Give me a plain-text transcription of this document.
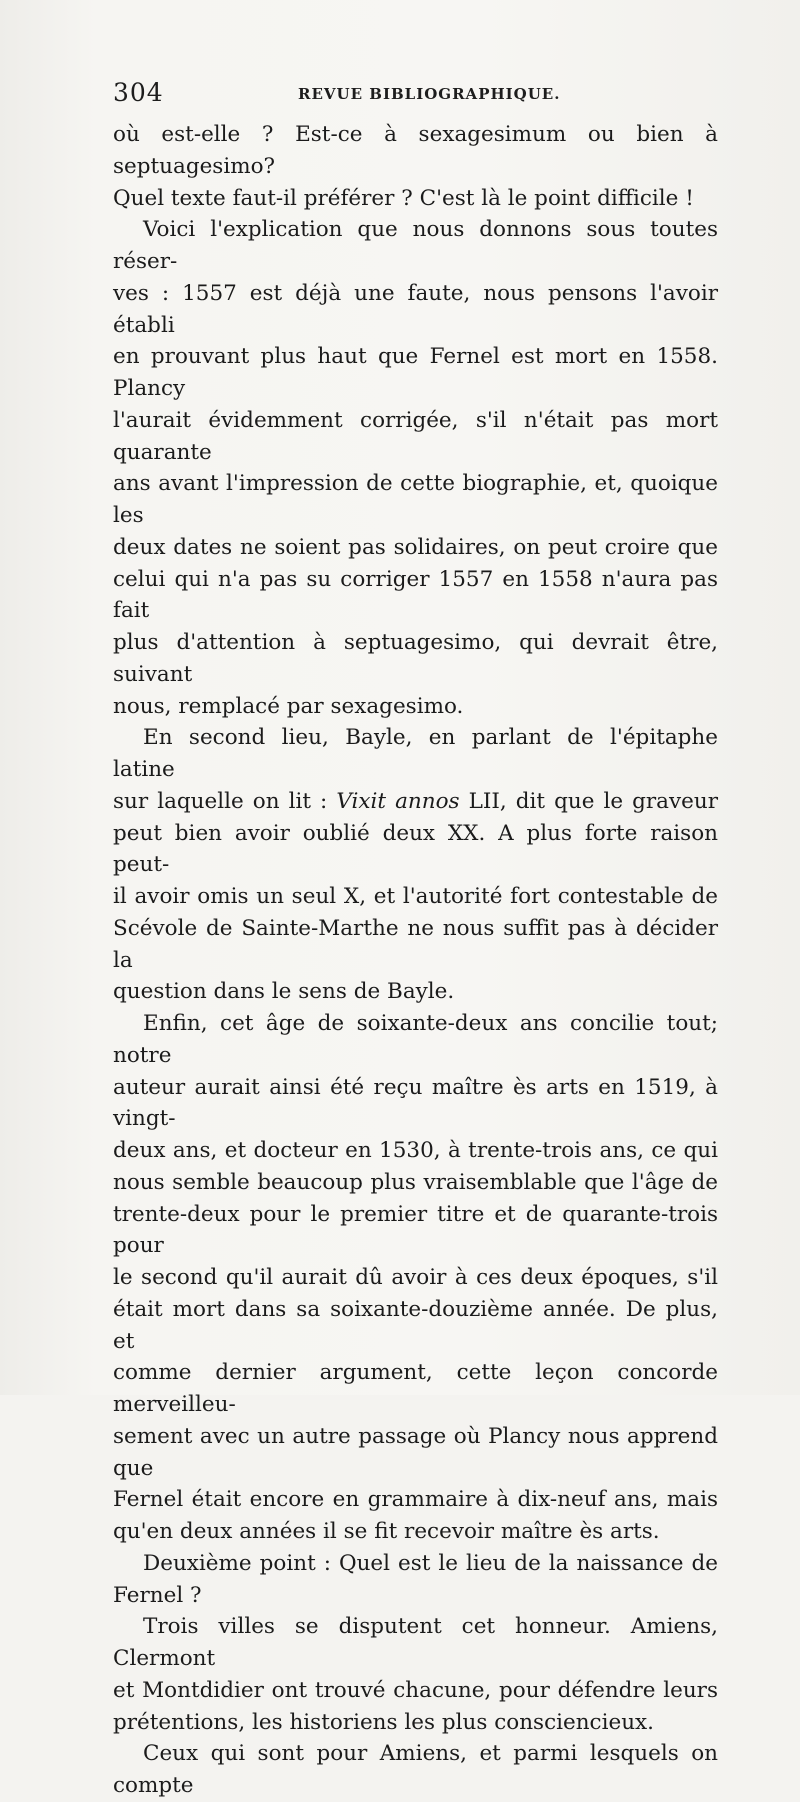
304	REVUE BIBLIOGRAPHIQUE.

où est-elle ? Est-ce à sexagesimum ou bien à septuagesimo?

Quel texte faut-il préférer ? C'est là le point difficile !

Voici l'explication que nous donnons sous toutes réser-

ves : 1557 est déjà une faute, nous pensons l'avoir établi

en prouvant plus haut que Fernel est mort en 1558. Plancy

l'aurait évidemment corrigée, s'il n'était pas mort quarante

ans avant l'impression de cette biographie, et, quoique les

deux dates ne soient pas solidaires, on peut croire que

celui qui n'a pas su corriger 1557 en 1558 n'aura pas fait

plus d'attention à septuagesimo, qui devrait être, suivant

nous, remplacé par sexagesimo.

En second lieu, Bayle, en parlant de l'épitaphe latine

sur laquelle on lit : Vixit annos LII, dit que le graveur

peut bien avoir oublié deux XX. A plus forte raison peut-

il avoir omis un seul X, et l'autorité fort contestable de

Scévole de Sainte-Marthe ne nous suffit pas à décider la

question dans le sens de Bayle.

Enfin, cet âge de soixante-deux ans concilie tout; notre

auteur aurait ainsi été reçu maître ès arts en 1519, à vingt-

deux ans, et docteur en 1530, à trente-trois ans, ce qui

nous semble beaucoup plus vraisemblable que l'âge de

trente-deux pour le premier titre et de quarante-trois pour

le second qu'il aurait dû avoir à ces deux époques, s'il

était mort dans sa soixante-douzième année. De plus, et

comme dernier argument, cette leçon concorde merveilleu-

sement avec un autre passage où Plancy nous apprend que

Fernel était encore en grammaire à dix-neuf ans, mais

qu'en deux années il se fit recevoir maître ès arts.

Deuxième point : Quel est le lieu de la naissance de

Fernel ?

Trois villes se disputent cet honneur. Amiens, Clermont

et Montdidier ont trouvé chacune, pour défendre leurs

prétentions, les historiens les plus consciencieux.

Ceux qui sont pour Amiens, et parmi lesquels on compte
